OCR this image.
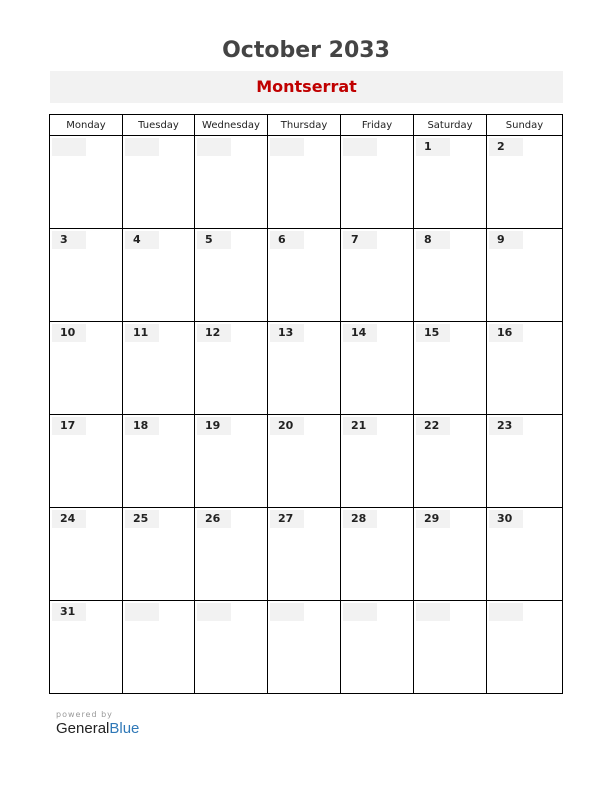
October 2033
Montserrat
Monday	Tuesday	Wednesday	Thursday	Friday	Saturday	Sunday

					1	2

3	4	5	6	7	8	9

10	11	12	13	14	15	16

17	18	19	20	21	22	23

24	25	26	27	28	29	30

31						

powered by
GeneralBlue
